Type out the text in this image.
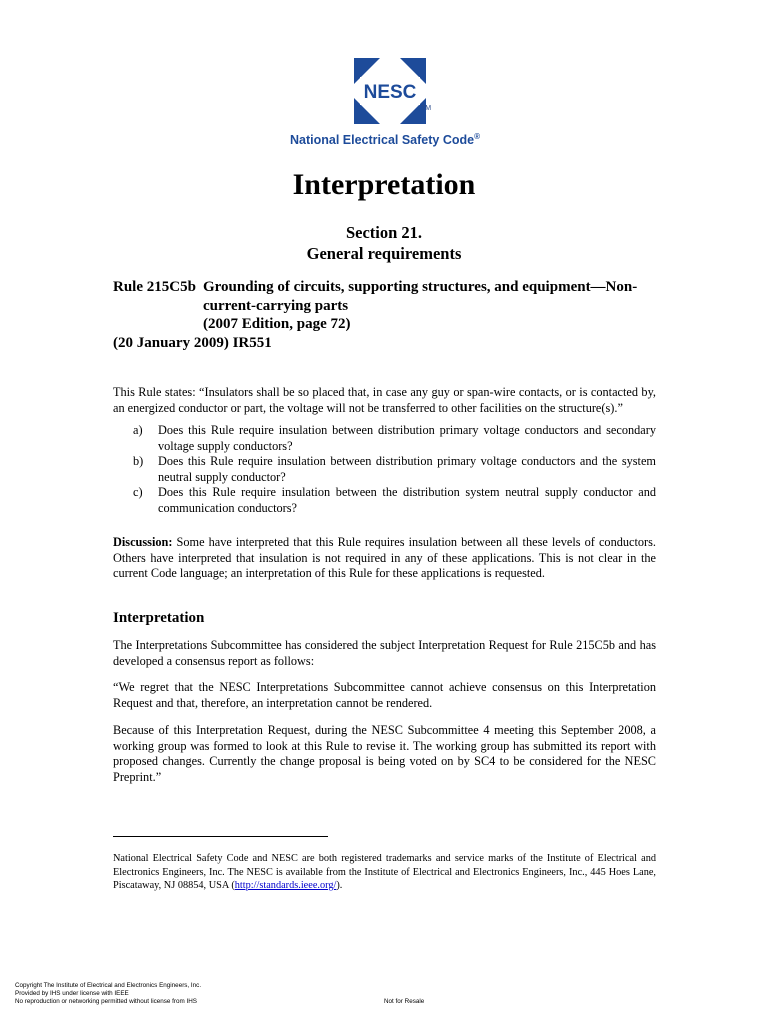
NESC
TM
National Electrical Safety Code®
Interpretation
Section 21.
General requirements
Rule 215C5b Grounding of circuits, supporting structures, and equipment—Non-
current-carrying parts
(2007 Edition, page 72)
(20 January 2009) IR551
This Rule states: “Insulators shall be so placed that, in case any guy or span-wire contacts, or is contacted by, an energized conductor or part, the voltage will not be transferred to other facilities on the structure(s).”
a)	Does this Rule require insulation between distribution primary voltage conductors and secondary voltage supply conductors?
b)	Does this Rule require insulation between distribution primary voltage conductors and the system neutral supply conductor?
c)	Does this Rule require insulation between the distribution system neutral supply conductor and communication conductors?
Discussion: Some have interpreted that this Rule requires insulation between all these levels of conductors. Others have interpreted that insulation is not required in any of these applications. This is not clear in the current Code language; an interpretation of this Rule for these applications is requested.
Interpretation
The Interpretations Subcommittee has considered the subject Interpretation Request for Rule 215C5b and has developed a consensus report as follows:
“We regret that the NESC Interpretations Subcommittee cannot achieve consensus on this Interpretation Request and that, therefore, an interpretation cannot be rendered.
Because of this Interpretation Request, during the NESC Subcommittee 4 meeting this September 2008, a working group was formed to look at this Rule to revise it. The working group has submitted its report with proposed changes. Currently the change proposal is being voted on by SC4 to be considered for the NESC Preprint.”
National Electrical Safety Code and NESC are both registered trademarks and service marks of the Institute of Electrical and Electronics Engineers, Inc. The NESC is available from the Institute of Electrical and Electronics Engineers, Inc., 445 Hoes Lane, Piscataway, NJ 08854, USA (http://standards.ieee.org/).
Copyright The Institute of Electrical and Electronics Engineers, Inc.
Provided by IHS under license with IEEE
No reproduction or networking permitted without license from IHS	Not for Resale
